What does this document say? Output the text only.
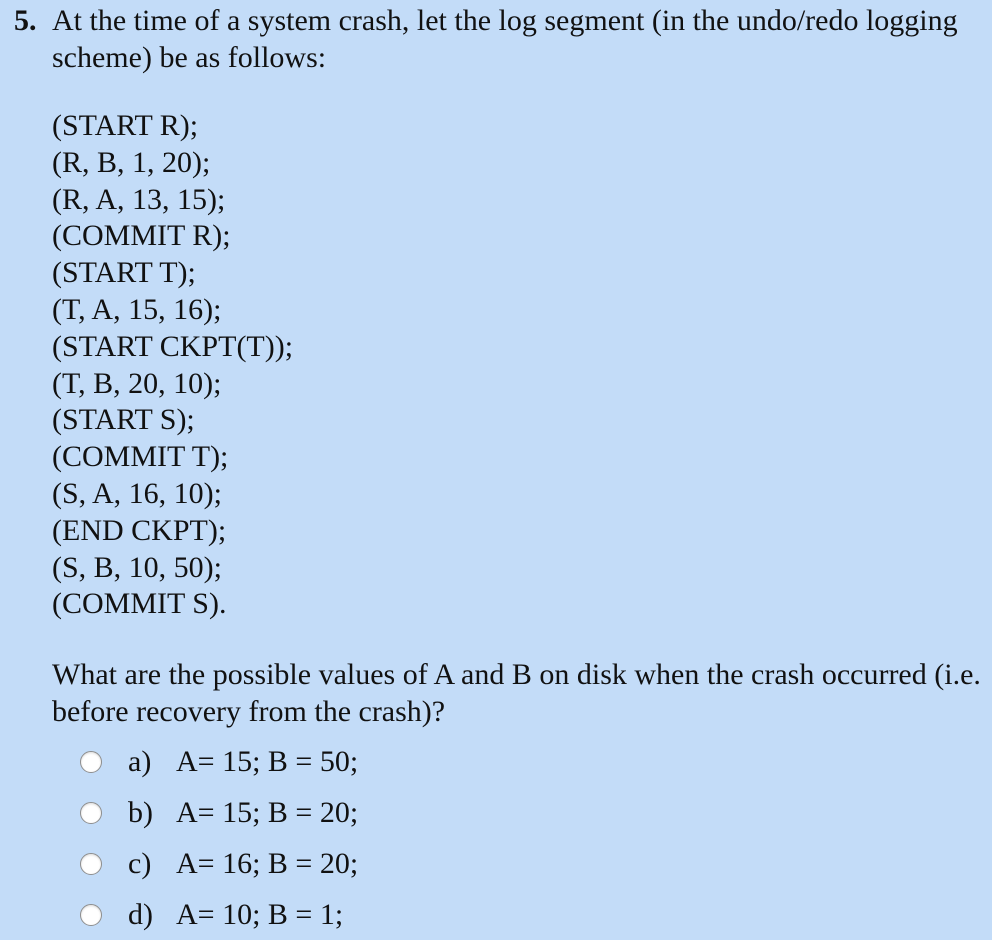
5. At the time of a system crash, let the log segment (in the undo/redo logging scheme) be as follows:
(START R);
(R, B, 1, 20);
(R, A, 13, 15);
(COMMIT R);
(START T);
(T, A, 15, 16);
(START CKPT(T));
(T, B, 20, 10);
(START S);
(COMMIT T);
(S, A, 16, 10);
(END CKPT);
(S, B, 10, 50);
(COMMIT S).
What are the possible values of A and B on disk when the crash occurred (i.e. before recovery from the crash)?
a) A= 15; B = 50;
b) A= 15; B = 20;
c) A= 16; B = 20;
d) A= 10; B = 1;
